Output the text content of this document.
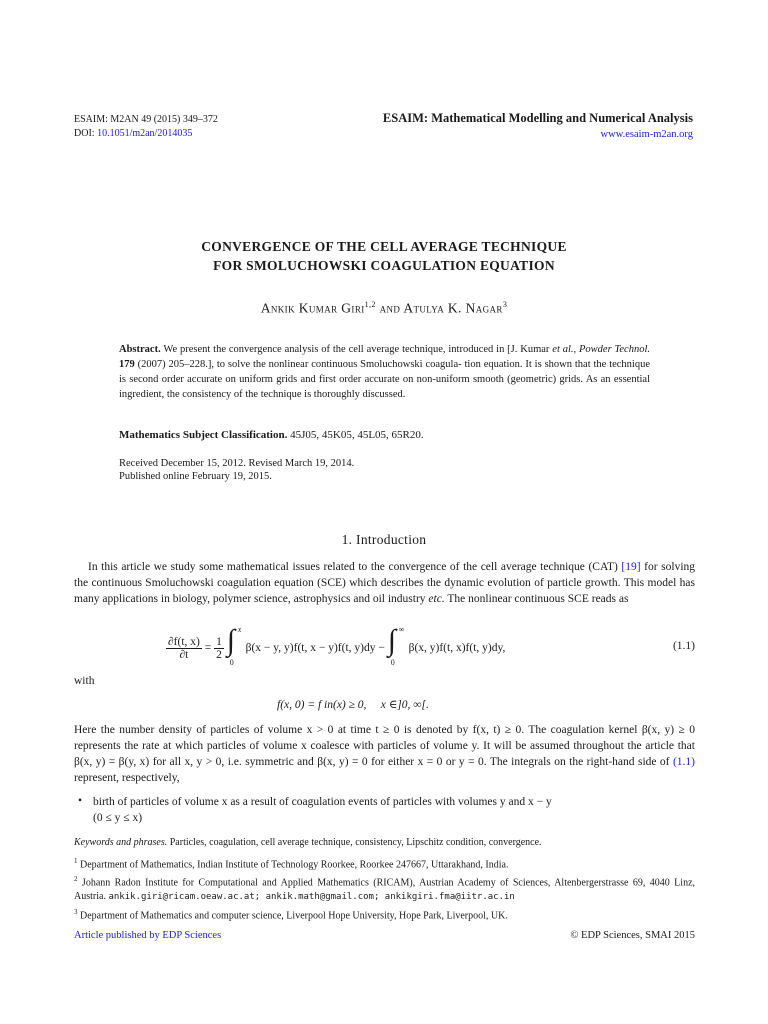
ESAIM: M2AN 49 (2015) 349–372
DOI: 10.1051/m2an/2014035
ESAIM: Mathematical Modelling and Numerical Analysis
www.esaim-m2an.org
CONVERGENCE OF THE CELL AVERAGE TECHNIQUE
FOR SMOLUCHOWSKI COAGULATION EQUATION
Ankik Kumar Giri$^{1,2}$ and Atulya K. Nagar$^3$
Abstract. We present the convergence analysis of the cell average technique, introduced in [J. Kumar et al., Powder Technol. 179 (2007) 205–228.], to solve the nonlinear continuous Smoluchowski coagula- tion equation. It is shown that the technique is second order accurate on uniform grids and first order accurate on non-uniform smooth (geometric) grids. As an essential ingredient, the consistency of the technique is thoroughly discussed.
Mathematics Subject Classification. 45J05, 45K05, 45L05, 65R20.
Received December 15, 2012. Revised March 19, 2014.
Published online February 19, 2015.
1. Introduction
In this article we study some mathematical issues related to the convergence of the cell average technique (CAT) [19] for solving the continuous Smoluchowski coagulation equation (SCE) which describes the dynamic evolution of particle growth. This model has many applications in biology, polymer science, astrophysics and oil industry etc. The nonlinear continuous SCE reads as
$\frac{\partial f(t, x)}{\partial t} = \frac{1}{2}$
∫ x
0
β(x − y, y)f(t, x − y)f(t, y)dy − ∫ ∞
0
β(x, y)f(t, x)f(t, y)dy,	(1.1)
with
f(x, 0) = f in(x) ≥ 0,     x ∈]0, ∞[.
Here the number density of particles of volume x > 0 at time t ≥ 0 is denoted by f(x, t) ≥ 0. The coagulation kernel β(x, y) ≥ 0 represents the rate at which particles of volume x coalesce with particles of volume y. It will be assumed throughout the article that β(x, y) = β(y, x) for all x, y > 0, i.e. symmetric and β(x, y) = 0 for either x = 0 or y = 0. The integrals on the right-hand side of (1.1) represent, respectively,
• birth of particles of volume x as a result of coagulation events of particles with volumes y and x − y
(0 ≤ y ≤ x)
Keywords and phrases. Particles, coagulation, cell average technique, consistency, Lipschitz condition, convergence.
$^1$ Department of Mathematics, Indian Institute of Technology Roorkee, Roorkee 247667, Uttarakhand, India.
$^2$ Johann Radon Institute for Computational and Applied Mathematics (RICAM), Austrian Academy of Sciences, Altenbergerstrasse 69, 4040 Linz, Austria. ankik.giri@ricam.oeaw.ac.at; ankik.math@gmail.com; ankikgiri.fma@iitr.ac.in
$^3$ Department of Mathematics and computer science, Liverpool Hope University, Hope Park, Liverpool, UK.
Article published by EDP Sciences	© EDP Sciences, SMAI 2015
